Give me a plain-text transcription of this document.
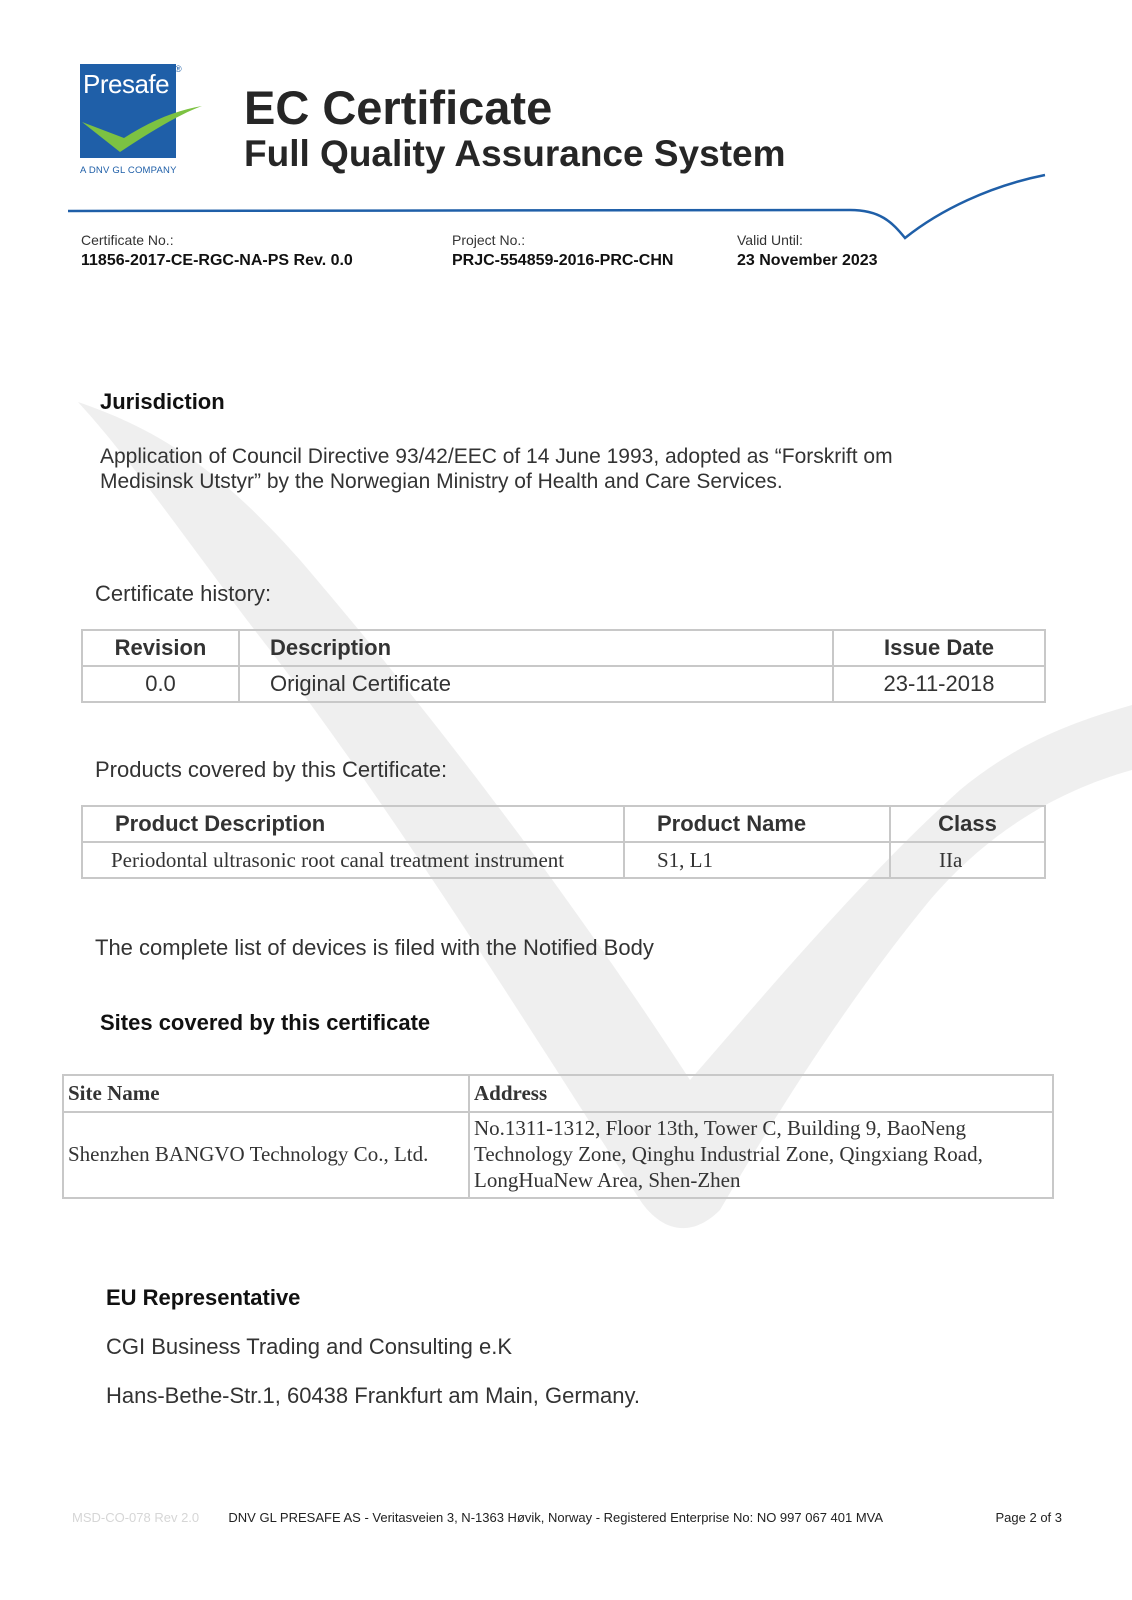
Presafe ®
A DNV GL COMPANY
EC Certificate
Full Quality Assurance System
Certificate No.:
11856-2017-CE-RGC-NA-PS Rev. 0.0
Project No.:
PRJC-554859-2016-PRC-CHN
Valid Until:
23 November 2023
Jurisdiction
Application of Council Directive 93/42/EEC of 14 June 1993, adopted as “Forskrift om Medisinsk Utstyr” by the Norwegian Ministry of Health and Care Services.
Certificate history:
Revision	Description	Issue Date
0.0	Original Certificate	23-11-2018
Products covered by this Certificate:
Product Description	Product Name	Class
Periodontal ultrasonic root canal treatment instrument	S1, L1	IIa
The complete list of devices is filed with the Notified Body
Sites covered by this certificate
Site Name	Address
Shenzhen BANGVO Technology Co., Ltd.	No.1311-1312, Floor 13th, Tower C, Building 9, BaoNeng Technology Zone, Qinghu Industrial Zone, Qingxiang Road, LongHuaNew Area, Shen-Zhen
EU Representative
CGI Business Trading and Consulting e.K
Hans-Bethe-Str.1, 60438 Frankfurt am Main, Germany.
MSD-CO-078 Rev 2.0 DNV GL PRESAFE AS - Veritasveien 3, N-1363 Høvik, Norway - Registered Enterprise No: NO 997 067 401 MVA	Page 2 of 3
